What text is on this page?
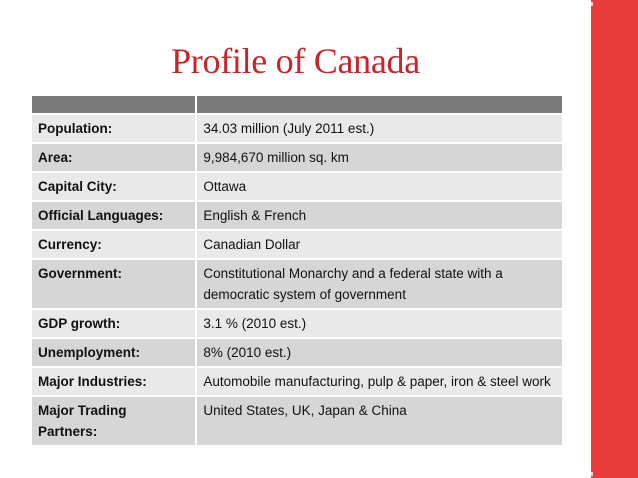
Profile of Canada

Population:	34.03 million (July 2011 est.)
Area:	9,984,670 million sq. km
Capital City:	Ottawa
Official Languages:	English & French
Currency:	Canadian Dollar
Government:	Constitutional Monarchy and a federal state with a democratic system of government
GDP growth:	3.1 % (2010 est.)
Unemployment:	8% (2010 est.)
Major Industries:	Automobile manufacturing, pulp & paper, iron & steel work
Major Trading Partners:	United States, UK, Japan & China
